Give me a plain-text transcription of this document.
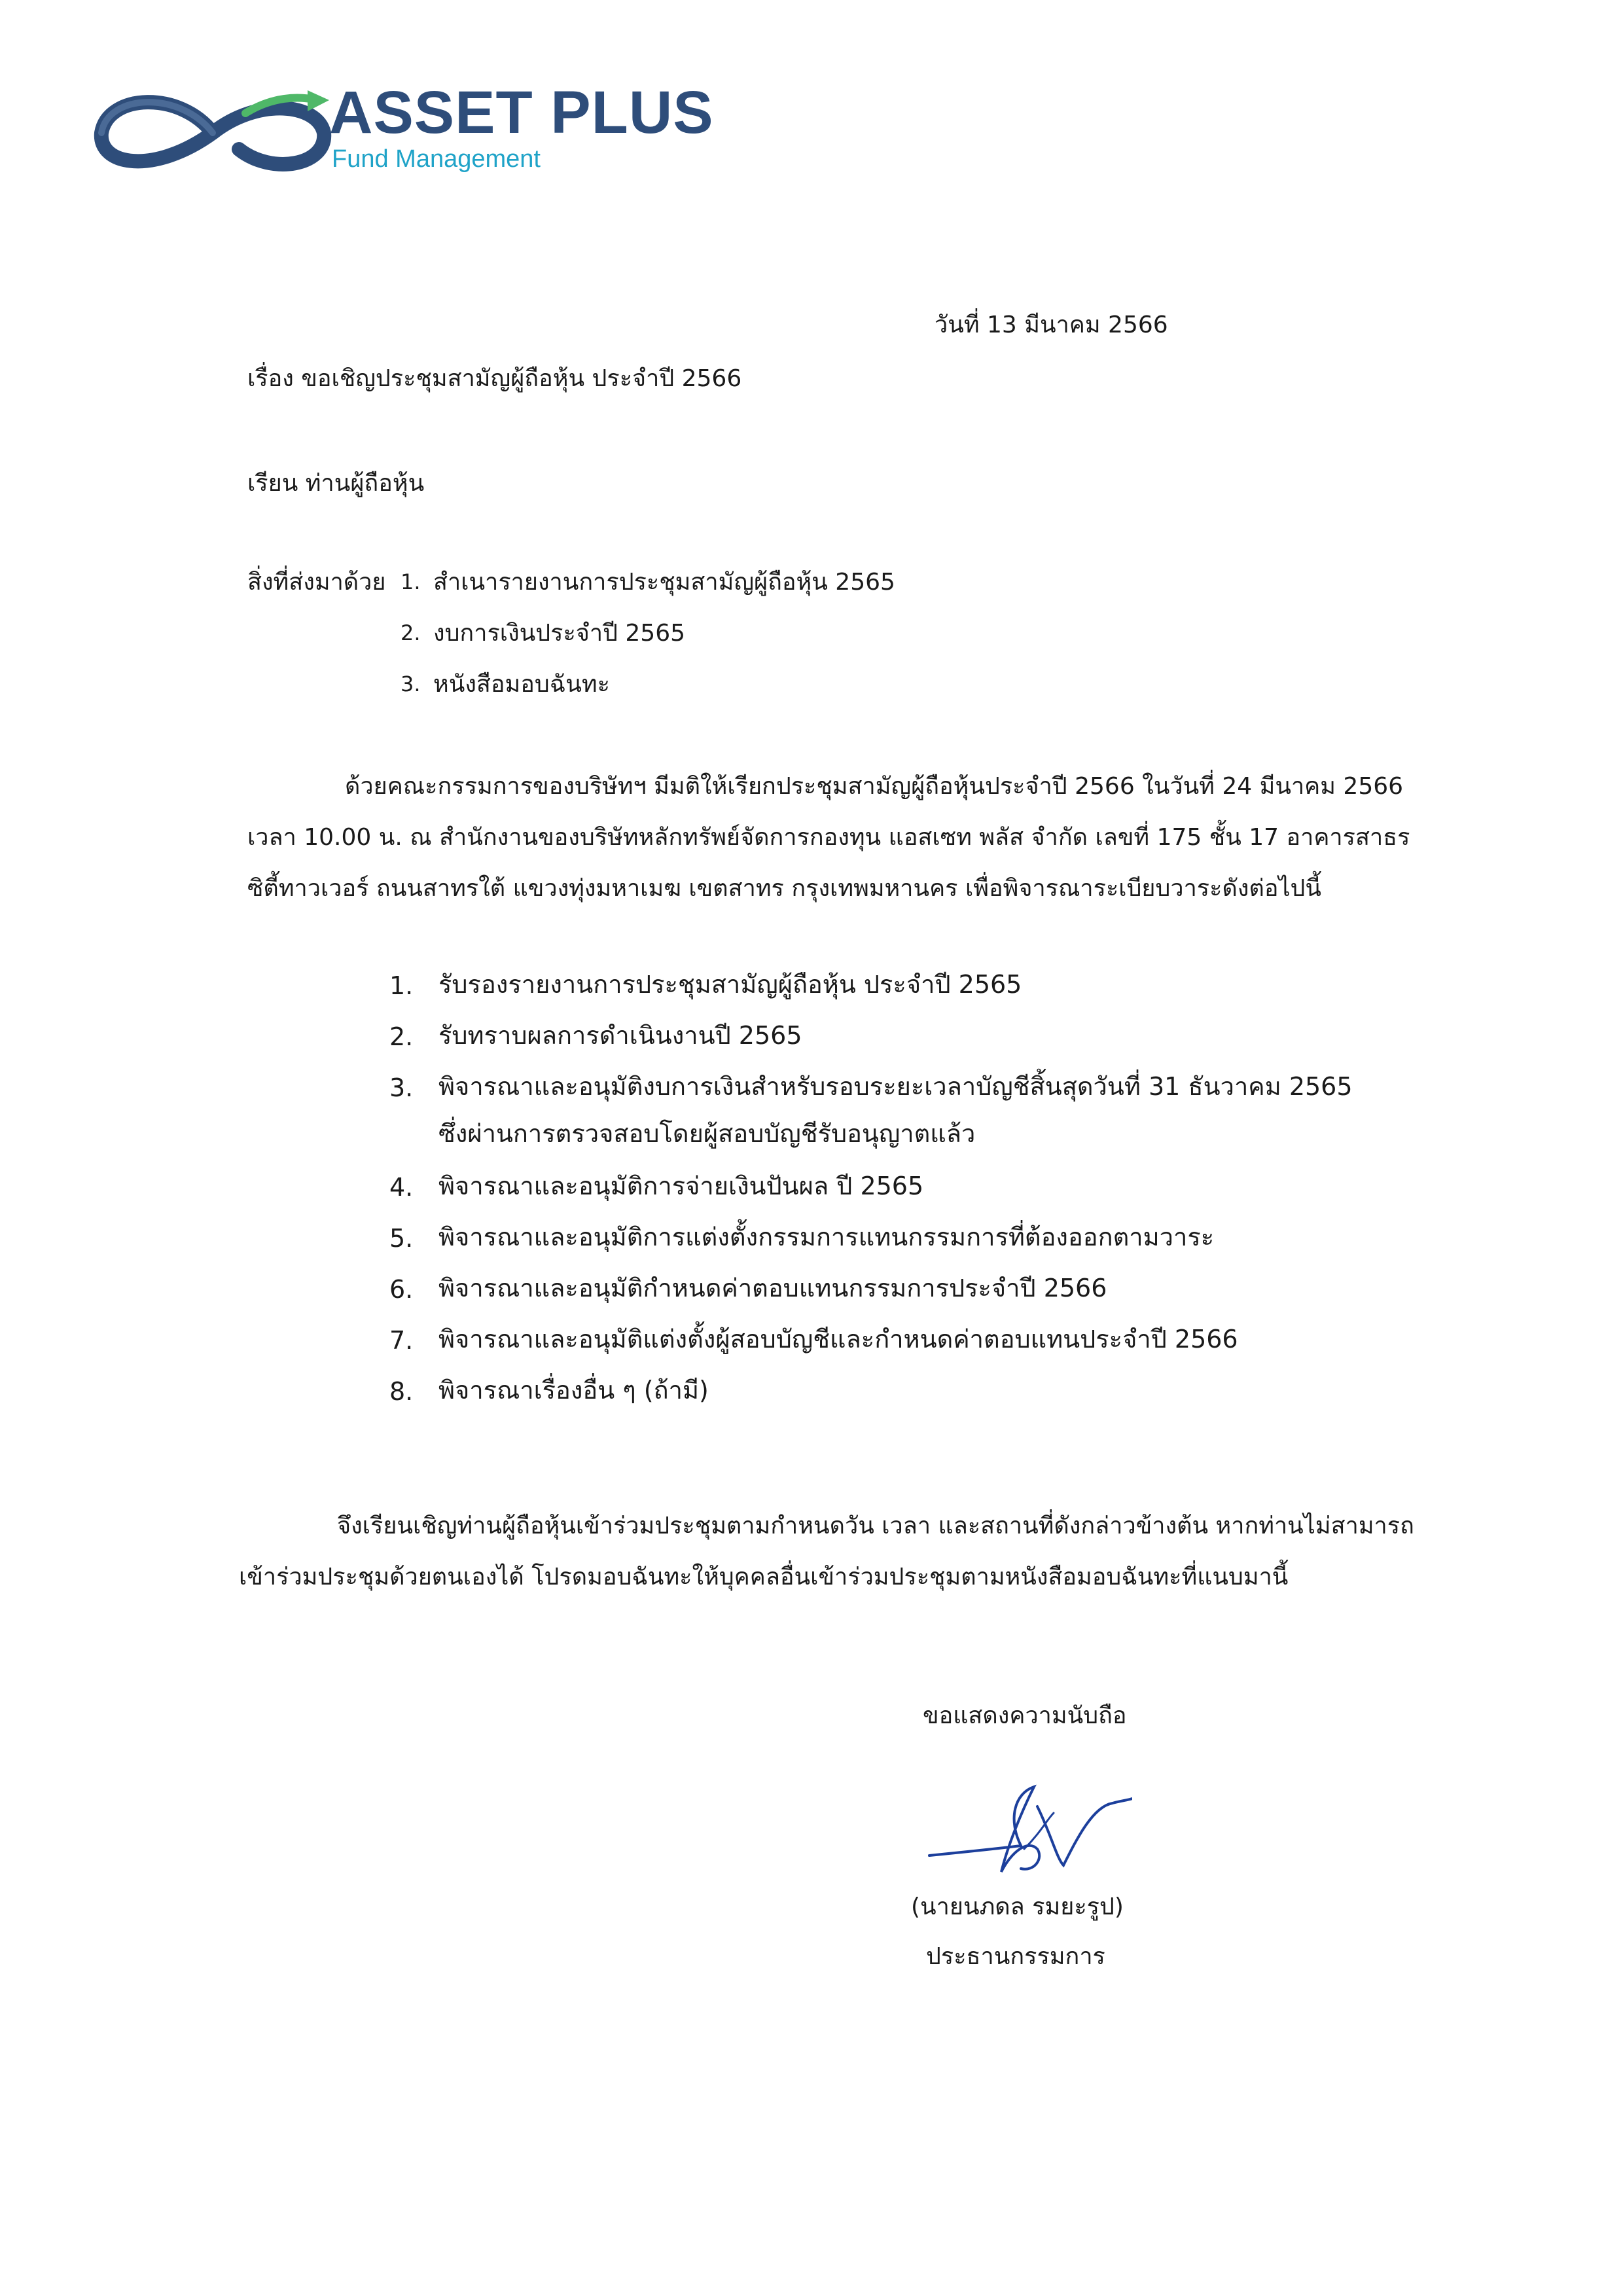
ASSET PLUS
Fund Management
วันที่ 13 มีนาคม 2566
เรื่อง ขอเชิญประชุมสามัญผู้ถือหุ้น ประจำปี 2566
เรียน ท่านผู้ถือหุ้น
สิ่งที่ส่งมาด้วย 1. สำเนารายงานการประชุมสามัญผู้ถือหุ้น 2565
2. งบการเงินประจำปี 2565
3. หนังสือมอบฉันทะ
ด้วยคณะกรรมการของบริษัทฯ มีมติให้เรียกประชุมสามัญผู้ถือหุ้นประจำปี 2566 ในวันที่ 24 มีนาคม 2566
เวลา 10.00 น. ณ สำนักงานของบริษัทหลักทรัพย์จัดการกองทุน แอสเซท พลัส จำกัด เลขที่ 175 ชั้น 17 อาคารสาธร
ซิตี้ทาวเวอร์ ถนนสาทรใต้ แขวงทุ่งมหาเมฆ เขตสาทร กรุงเทพมหานคร เพื่อพิจารณาระเบียบวาระดังต่อไปนี้
1. รับรองรายงานการประชุมสามัญผู้ถือหุ้น ประจำปี 2565
2. รับทราบผลการดำเนินงานปี 2565
3. พิจารณาและอนุมัติงบการเงินสำหรับรอบระยะเวลาบัญชีสิ้นสุดวันที่ 31 ธันวาคม 2565
ซึ่งผ่านการตรวจสอบโดยผู้สอบบัญชีรับอนุญาตแล้ว
4. พิจารณาและอนุมัติการจ่ายเงินปันผล ปี 2565
5. พิจารณาและอนุมัติการแต่งตั้งกรรมการแทนกรรมการที่ต้องออกตามวาระ
6. พิจารณาและอนุมัติกำหนดค่าตอบแทนกรรมการประจำปี 2566
7. พิจารณาและอนุมัติแต่งตั้งผู้สอบบัญชีและกำหนดค่าตอบแทนประจำปี 2566
8. พิจารณาเรื่องอื่น ๆ (ถ้ามี)
จึงเรียนเชิญท่านผู้ถือหุ้นเข้าร่วมประชุมตามกำหนดวัน เวลา และสถานที่ดังกล่าวข้างต้น หากท่านไม่สามารถ
เข้าร่วมประชุมด้วยตนเองได้ โปรดมอบฉันทะให้บุคคลอื่นเข้าร่วมประชุมตามหนังสือมอบฉันทะที่แนบมานี้
ขอแสดงความนับถือ
(นายนภดล รมยะรูป)
ประธานกรรมการ
